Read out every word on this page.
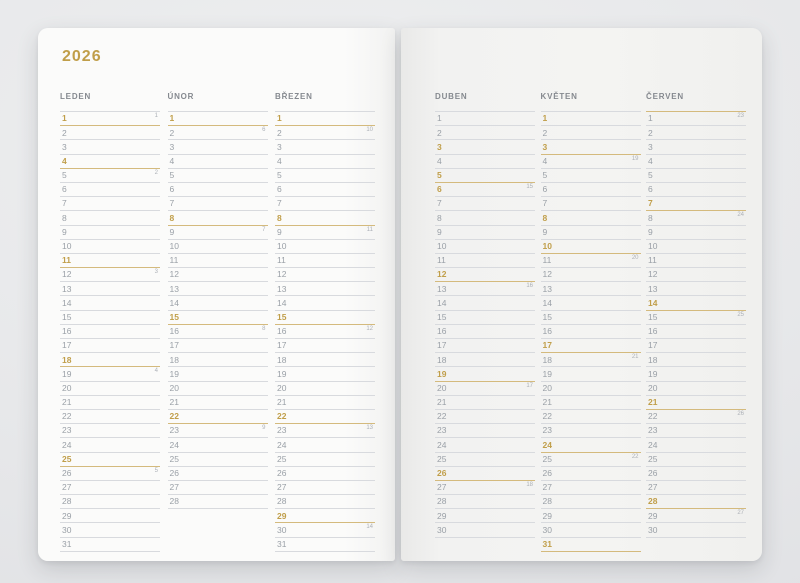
2026
LEDEN
1	1
2
3
4
5	2
6
7
8
9
10
11
12	3
13
14
15
16
17
18
19	4
20
21
22
23
24
25
26	5
27
28
29
30
31
ÚNOR
1
2	6
3
4
5
6
7
8
9	7
10
11
12
13
14
15
16	8
17
18
19
20
21
22
23	9
24
25
26
27
28
BŘEZEN
1
2	10
3
4
5
6
7
8
9	11
10
11
12
13
14
15
16	12
17
18
19
20
21
22
23	13
24
25
26
27
28
29
30	14
31
DUBEN
1
2
3
4
5
6	15
7
8
9
10
11
12
13	16
14
15
16
17
18
19
20	17
21
22
23
24
25
26
27	18
28
29
30
KVĚTEN
1
2
3
4	19
5
6
7
8
9
10
11	20
12
13
14
15
16
17
18	21
19
20
21
22
23
24
25	22
26
27
28
29
30
31
ČERVEN
1	23
2
3
4
5
6
7
8	24
9
10
11
12
13
14
15	25
16
17
18
19
20
21
22	26
23
24
25
26
27
28
29	27
30
